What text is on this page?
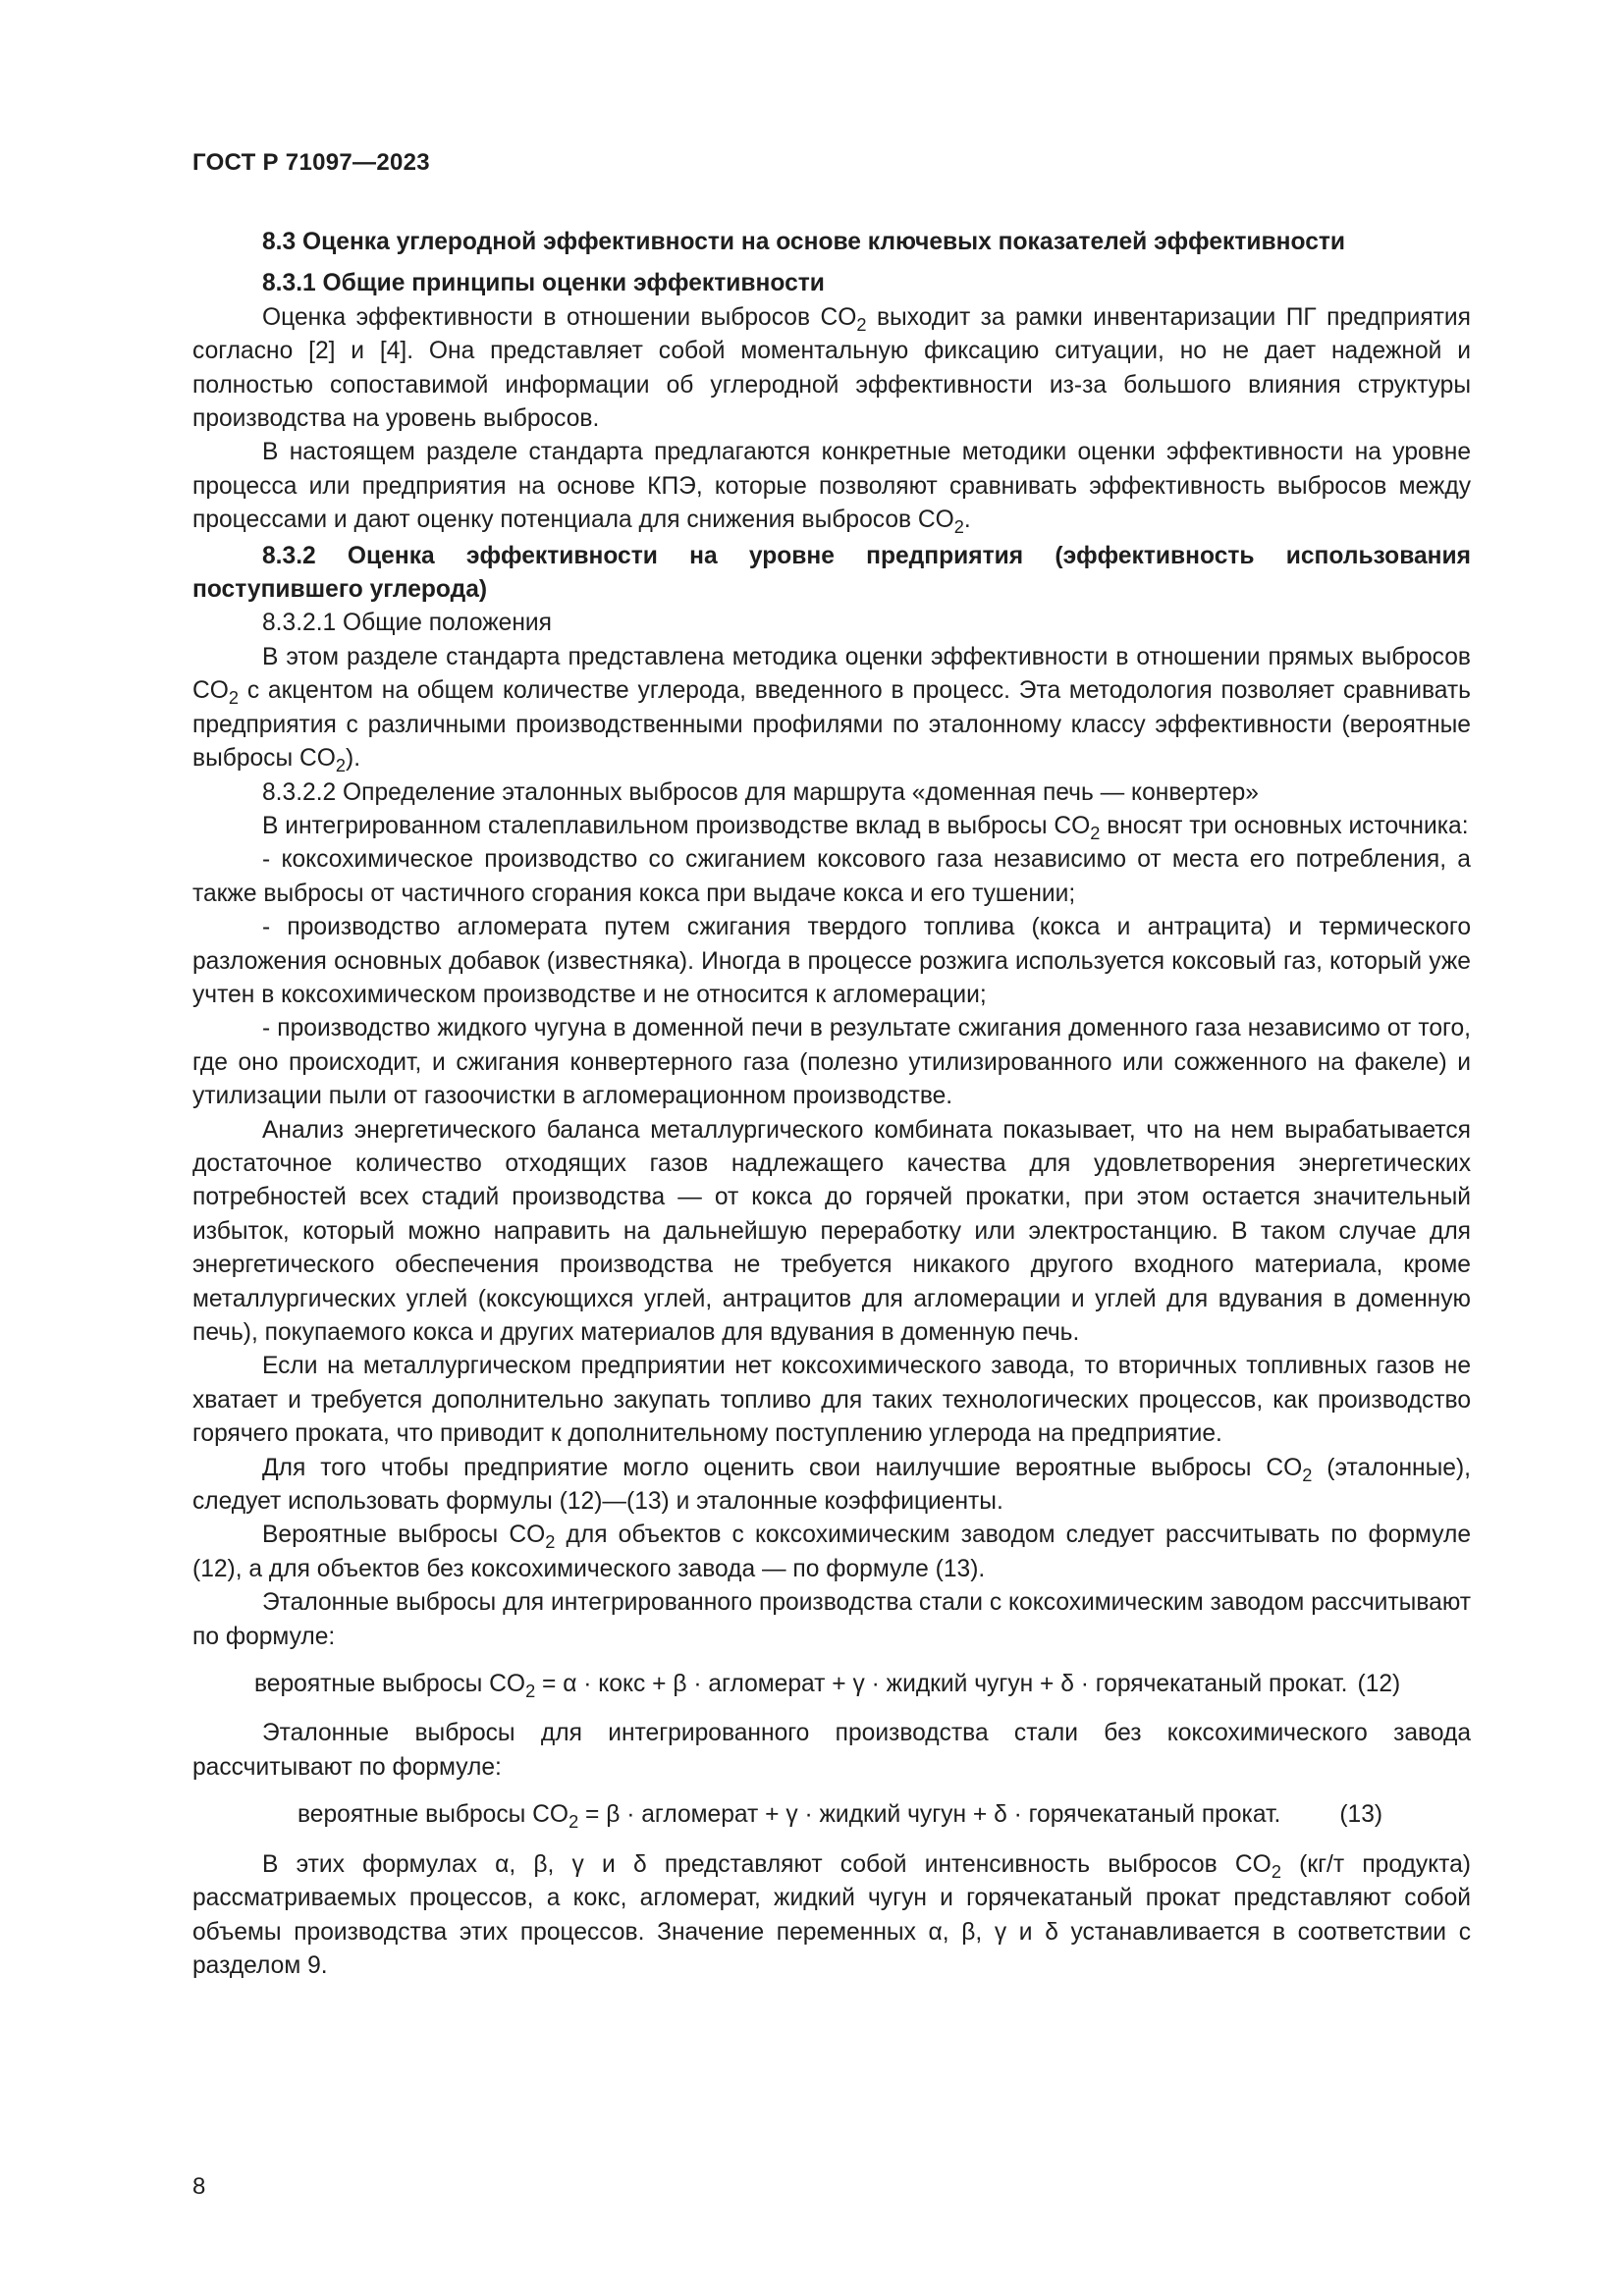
ГОСТ Р 71097—2023

8.3 Оценка углеродной эффективности на основе ключевых показателей эффективности

8.3.1 Общие принципы оценки эффективности

Оценка эффективности в отношении выбросов $CO_2$ выходит за рамки инвентаризации ПГ предприятия согласно [2] и [4]. Она представляет собой моментальную фиксацию ситуации, но не дает надежной и полностью сопоставимой информации об углеродной эффективности из-за большого влияния структуры производства на уровень выбросов.

В настоящем разделе стандарта предлагаются конкретные методики оценки эффективности на уровне процесса или предприятия на основе КПЭ, которые позволяют сравнивать эффективность выбросов между процессами и дают оценку потенциала для снижения выбросов $CO_2$.

8.3.2 Оценка эффективности на уровне предприятия (эффективность использования поступившего углерода)

8.3.2.1 Общие положения

В этом разделе стандарта представлена методика оценки эффективности в отношении прямых выбросов $CO_2$ с акцентом на общем количестве углерода, введенного в процесс. Эта методология позволяет сравнивать предприятия с различными производственными профилями по эталонному классу эффективности (вероятные выбросы $CO_2$).

8.3.2.2 Определение эталонных выбросов для маршрута «доменная печь — конвертер»

В интегрированном сталеплавильном производстве вклад в выбросы $CO_2$ вносят три основных источника:

- коксохимическое производство со сжиганием коксового газа независимо от места его потребления, а также выбросы от частичного сгорания кокса при выдаче кокса и его тушении;

- производство агломерата путем сжигания твердого топлива (кокса и антрацита) и термического разложения основных добавок (известняка). Иногда в процессе розжига используется коксовый газ, который уже учтен в коксохимическом производстве и не относится к агломерации;

- производство жидкого чугуна в доменной печи в результате сжигания доменного газа независимо от того, где оно происходит, и сжигания конвертерного газа (полезно утилизированного или сожженного на факеле) и утилизации пыли от газоочистки в агломерационном производстве.

Анализ энергетического баланса металлургического комбината показывает, что на нем вырабатывается достаточное количество отходящих газов надлежащего качества для удовлетворения энергетических потребностей всех стадий производства — от кокса до горячей прокатки, при этом остается значительный избыток, который можно направить на дальнейшую переработку или электростанцию. В таком случае для энергетического обеспечения производства не требуется никакого другого входного материала, кроме металлургических углей (коксующихся углей, антрацитов для агломерации и углей для вдувания в доменную печь), покупаемого кокса и других материалов для вдувания в доменную печь.

Если на металлургическом предприятии нет коксохимического завода, то вторичных топливных газов не хватает и требуется дополнительно закупать топливо для таких технологических процессов, как производство горячего проката, что приводит к дополнительному поступлению углерода на предприятие.

Для того чтобы предприятие могло оценить свои наилучшие вероятные выбросы $CO_2$ (эталонные), следует использовать формулы (12)—(13) и эталонные коэффициенты.

Вероятные выбросы $CO_2$ для объектов с коксохимическим заводом следует рассчитывать по формуле (12), а для объектов без коксохимического завода — по формуле (13).

Эталонные выбросы для интегрированного производства стали с коксохимическим заводом рассчитывают по формуле:

вероятные выбросы $CO_2 = \alpha$ · кокс + β · агломерат + γ · жидкий чугун + δ · горячекатаный прокат. (12)

Эталонные выбросы для интегрированного производства стали без коксохимического завода рассчитывают по формуле:

вероятные выбросы $CO_2 = \beta$ · агломерат + γ · жидкий чугун + δ · горячекатаный прокат. (13)

В этих формулах α, β, γ и δ представляют собой интенсивность выбросов $CO_2$ (кг/т продукта) рассматриваемых процессов, а кокс, агломерат, жидкий чугун и горячекатаный прокат представляют собой объемы производства этих процессов. Значение переменных α, β, γ и δ устанавливается в соответствии с разделом 9.

8
